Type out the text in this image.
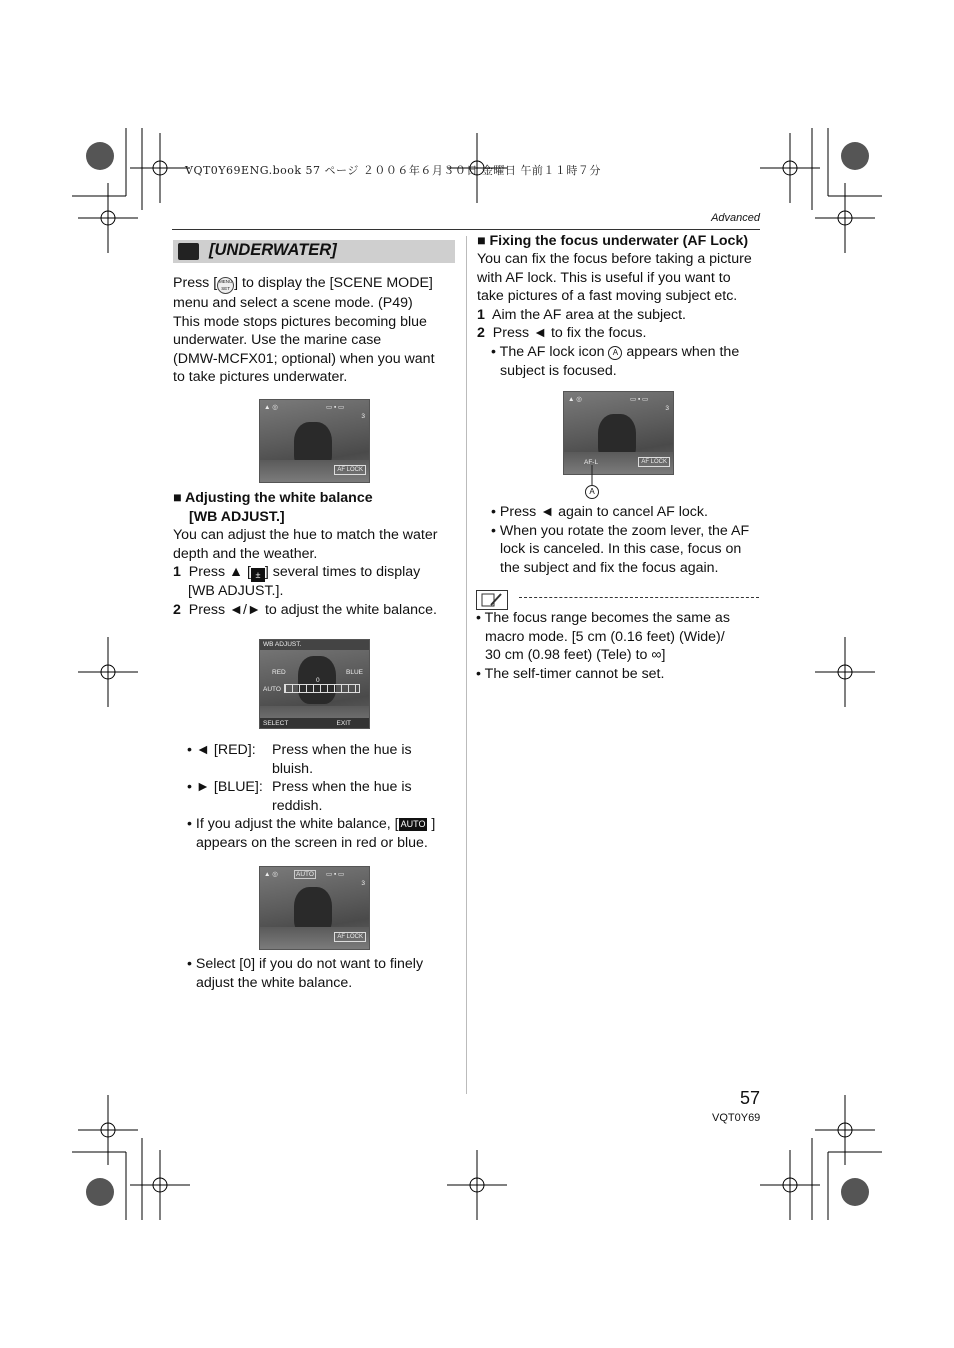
VQT0Y69ENG.book 57 ページ ２００６年６月３０日 金曜日 午前１１時７分
Advanced
[UNDERWATER]
Press [ MENU SET ] to display the [SCENE MODE]
menu and select a scene mode. (P49)
This mode stops pictures becoming blue
underwater. Use the marine case
(DMW-MCFX01; optional) when you want
to take pictures underwater.
▲ ◎	▭ ▪ ▭
3
AF LOCK
■ Adjusting the white balance
[WB ADJUST.]
You can adjust the hue to match the water
depth and the weather.
1 Press ▲ [ ± ] several times to display
[WB ADJUST.].
2 Press ◄/► to adjust the white balance.
WB ADJUST.
RED	BLUE
0
AUTO
SELECT	EXIT
• ◄ [RED]: Press when the hue is
bluish.
• ► [BLUE]: Press when the hue is
reddish.
• If you adjust the white balance, [ AUTO ]
appears on the screen in red or blue.
▲ ◎	AUTO	▭ ▪ ▭
3
AF LOCK
• Select [0] if you do not want to finely
adjust the white balance.
■ Fixing the focus underwater (AF Lock)
You can fix the focus before taking a picture
with AF lock. This is useful if you want to
take pictures of a fast moving subject etc.
1 Aim the AF area at the subject.
2 Press ◄ to fix the focus.
• The AF lock icon A appears when the
subject is focused.
▲ ◎	▭ ▪ ▭
3
AF-L	AF LOCK
A
• Press ◄ again to cancel AF lock.
• When you rotate the zoom lever, the AF
lock is canceled. In this case, focus on
the subject and fix the focus again.
• The focus range becomes the same as
macro mode. [5 cm (0.16 feet) (Wide)/
30 cm (0.98 feet) (Tele) to ∞]
• The self-timer cannot be set.
57
VQT0Y69
